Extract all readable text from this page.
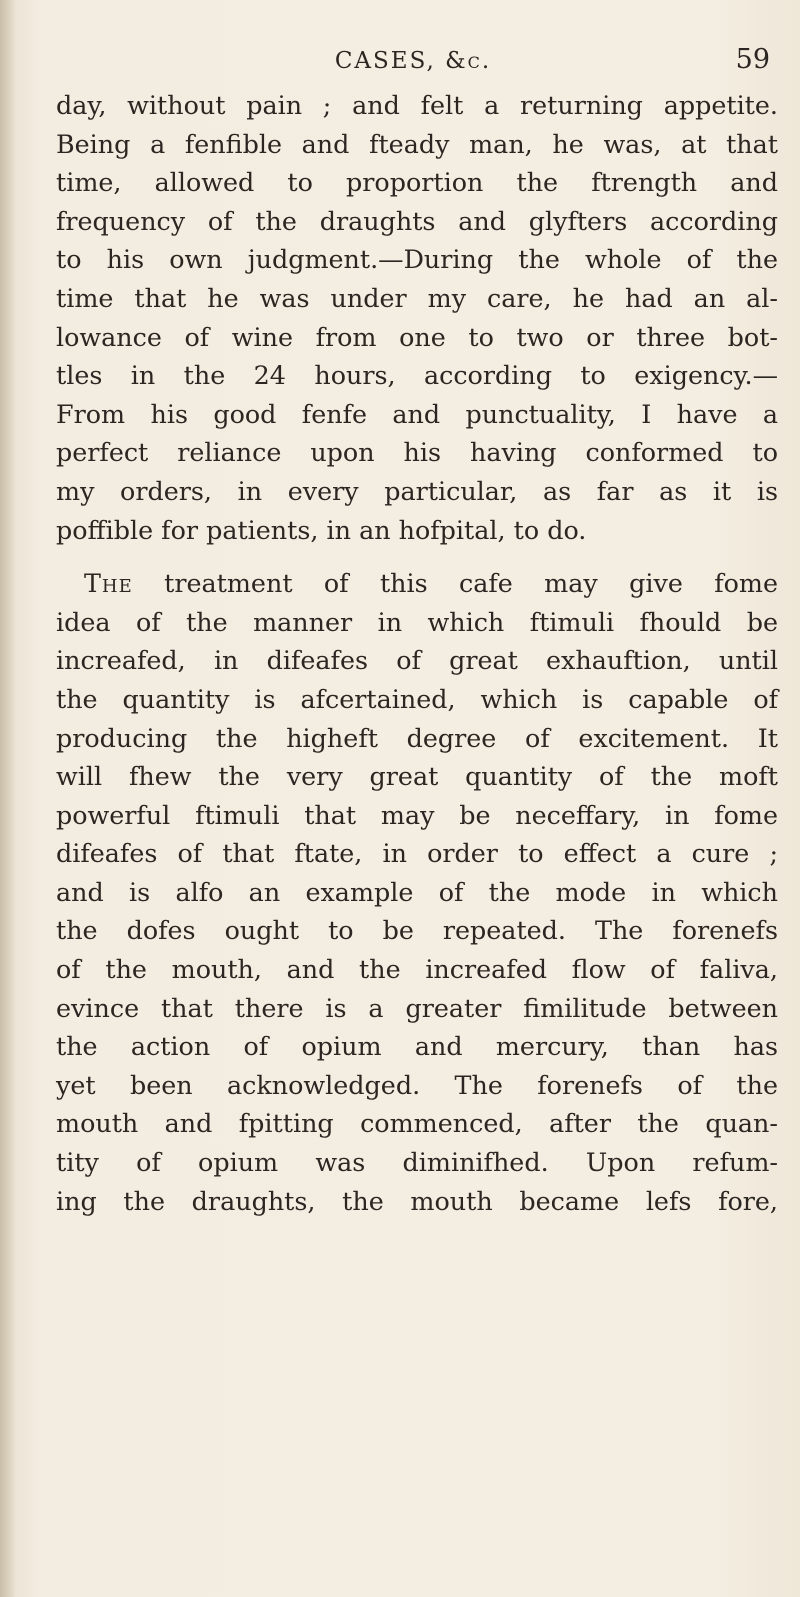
CASES, &c.	59
day, without pain ; and felt a returning appetite.
Being a fenfible and fteady man, he was, at that
time, allowed to proportion the ftrength and
frequency of the draughts and glyfters according
to his own judgment.—During the whole of the
time that he was under my care, he had an al-
lowance of wine from one to two or three bot-
tles in the 24 hours, according to exigency.—
From his good fenfe and punctuality, I have a
perfect reliance upon his having conformed to
my orders, in every particular, as far as it is
poffible for patients, in an hofpital, to do.
The treatment of this cafe may give fome
idea of the manner in which ftimuli fhould be
increafed, in difeafes of great exhauftion, until
the quantity is afcertained, which is capable of
producing the higheft degree of excitement. It
will fhew the very great quantity of the moft
powerful ftimuli that may be neceffary, in fome
difeafes of that ftate, in order to effect a cure ;
and is alfo an example of the mode in which
the dofes ought to be repeated. The forenefs
of the mouth, and the increafed flow of faliva,
evince that there is a greater fimilitude between
the action of opium and mercury, than has
yet been acknowledged. The forenefs of the
mouth and fpitting commenced, after the quan-
tity of opium was diminifhed. Upon refum-
ing the draughts, the mouth became lefs fore,
